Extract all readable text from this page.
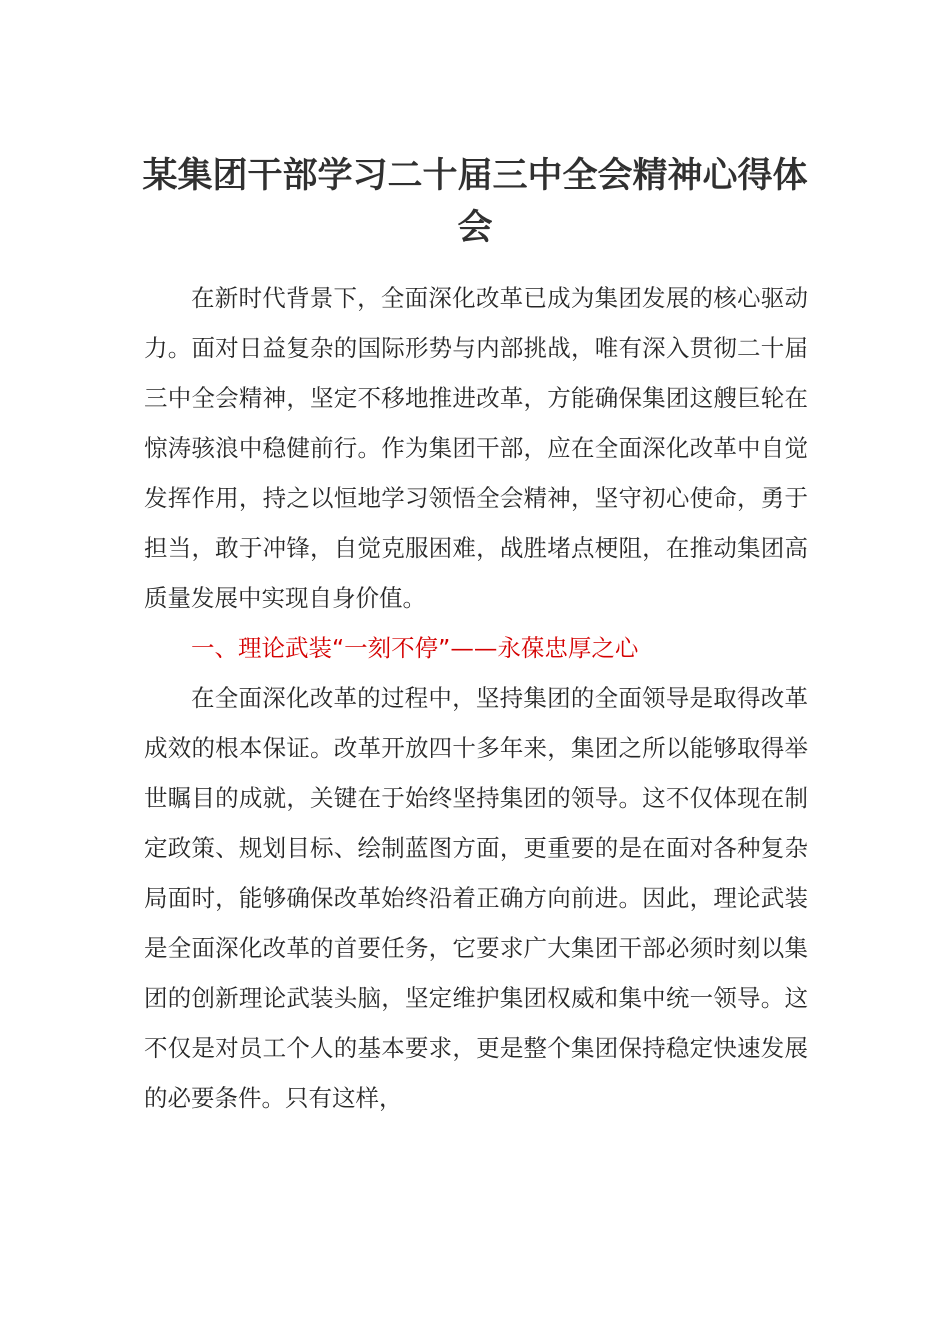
某集团干部学习二十届三中全会精神心得体会

在新时代背景下，全面深化改革已成为集团发展的核心驱动力。面对日益复杂的国际形势与内部挑战，唯有深入贯彻二十届三中全会精神，坚定不移地推进改革，方能确保集团这艘巨轮在惊涛骇浪中稳健前行。作为集团干部，应在全面深化改革中自觉发挥作用，持之以恒地学习领悟全会精神，坚守初心使命，勇于担当，敢于冲锋，自觉克服困难，战胜堵点梗阻，在推动集团高质量发展中实现自身价值。

一、理论武装“一刻不停”——永葆忠厚之心

在全面深化改革的过程中，坚持集团的全面领导是取得改革成效的根本保证。改革开放四十多年来，集团之所以能够取得举世瞩目的成就，关键在于始终坚持集团的领导。这不仅体现在制定政策、规划目标、绘制蓝图方面，更重要的是在面对各种复杂局面时，能够确保改革始终沿着正确方向前进。因此，理论武装是全面深化改革的首要任务，它要求广大集团干部必须时刻以集团的创新理论武装头脑，坚定维护集团权威和集中统一领导。这不仅是对员工个人的基本要求，更是整个集团保持稳定快速发展的必要条件。只有这样，
